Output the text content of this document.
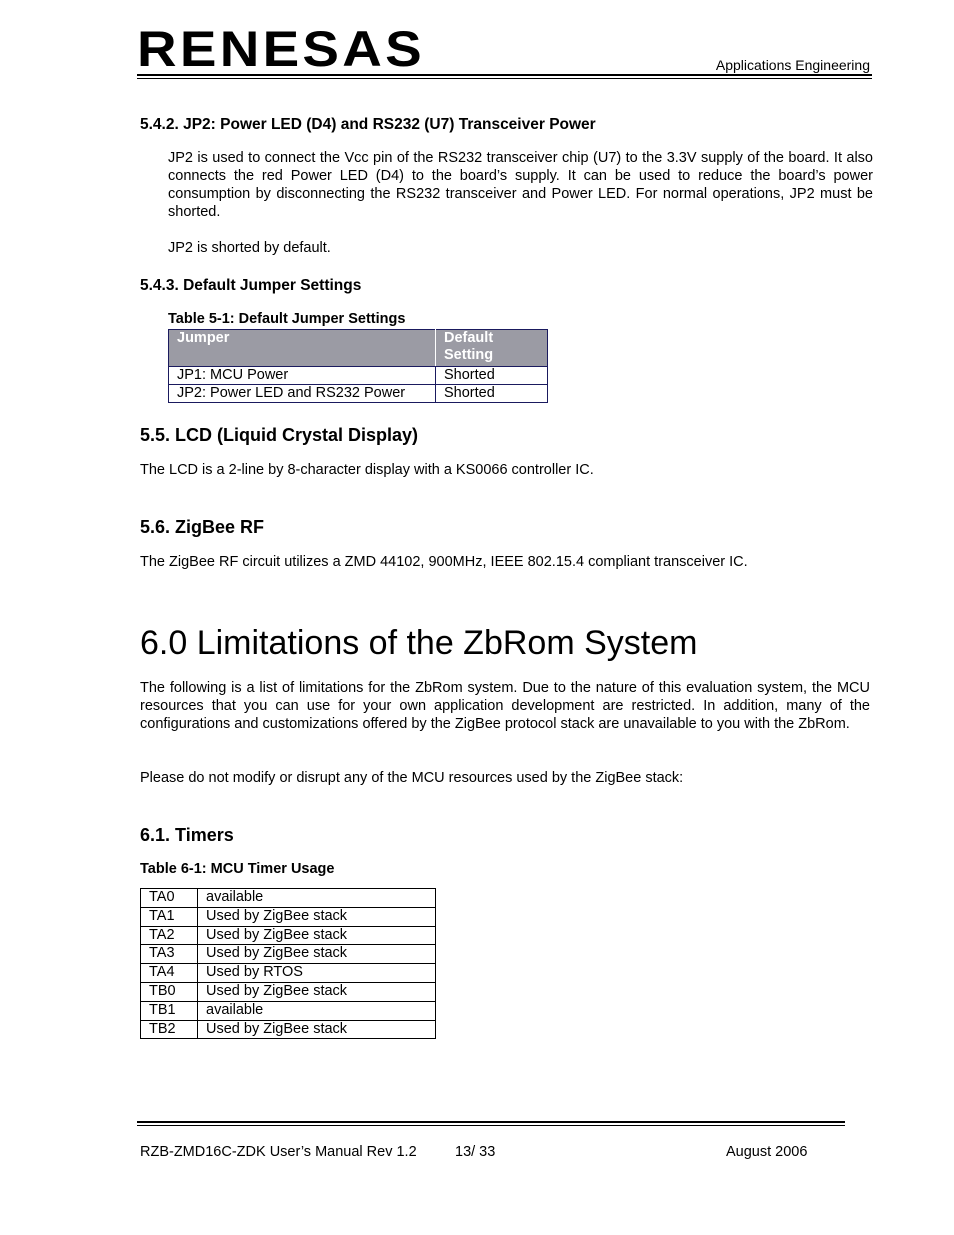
RENESAS	Applications Engineering
5.4.2. JP2: Power LED (D4) and RS232 (U7) Transceiver Power
JP2 is used to connect the Vcc pin of the RS232 transceiver chip (U7) to the 3.3V supply of the board. It also connects the red Power LED (D4) to the board’s supply. It can be used to reduce the board’s power consumption by disconnecting the RS232 transceiver and Power LED. For normal operations, JP2 must be shorted.
JP2 is shorted by default.
5.4.3. Default Jumper Settings
Table 5-1: Default Jumper Settings
Jumper	Default Setting
JP1: MCU Power	Shorted
JP2: Power LED and RS232 Power	Shorted
5.5. LCD (Liquid Crystal Display)
The LCD is a 2-line by 8-character display with a KS0066 controller IC.
5.6. ZigBee RF
The ZigBee RF circuit utilizes a ZMD 44102, 900MHz, IEEE 802.15.4 compliant transceiver IC.
6.0 Limitations of the ZbRom System
The following is a list of limitations for the ZbRom system. Due to the nature of this evaluation system, the MCU resources that you can use for your own application development are restricted. In addition, many of the configurations and customizations offered by the ZigBee protocol stack are unavailable to you with the ZbRom.
Please do not modify or disrupt any of the MCU resources used by the ZigBee stack:
6.1. Timers
Table 6-1: MCU Timer Usage
TA0	available
TA1	Used by ZigBee stack
TA2	Used by ZigBee stack
TA3	Used by ZigBee stack
TA4	Used by RTOS
TB0	Used by ZigBee stack
TB1	available
TB2	Used by ZigBee stack
RZB-ZMD16C-ZDK User’s Manual Rev 1.2	13/ 33	August 2006
